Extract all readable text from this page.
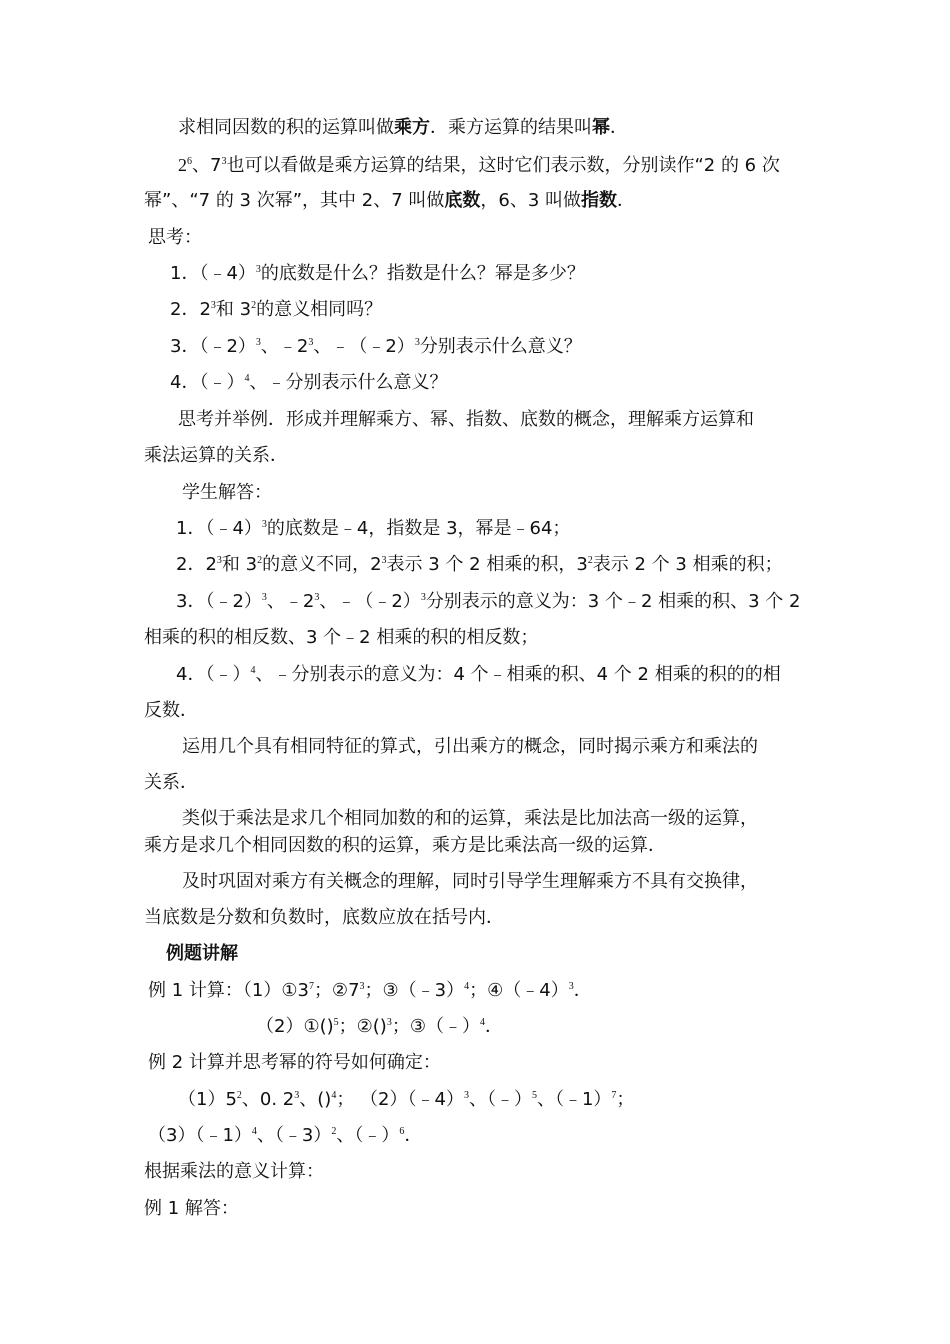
求相同因数的积的运算叫做乘方．乘方运算的结果叫幂．
$2^6$、$7^3$也可以看做是乘方运算的结果，这时它们表示数，分别读作“2 的 6 次
幂”、“7 的 3 次幂”，其中 2、7 叫做底数，6、3 叫做指数．
思考：
1．（﹣4）$^3$的底数是什么？指数是什么？幂是多少？
2．$2^3$和 $3^2$的意义相同吗？
3．（﹣2）$^3$、$﹣2^3$、﹣（﹣2）$^3$分别表示什么意义？
4．（﹣）$^4$、﹣分别表示什么意义？
思考并举例．形成并理解乘方、幂、指数、底数的概念，理解乘方运算和
乘法运算的关系．
学生解答：
1．（﹣4）$^3$的底数是﹣4，指数是 3，幂是﹣64；
2．$2^3$和 $3^2$的意义不同，$2^3$表示 3 个 2 相乘的积，$3^2$表示 2 个 3 相乘的积；
3．（﹣2）$^3$、$﹣2^3$、﹣（﹣2）$^3$分别表示的意义为：3 个﹣2 相乘的积、3 个 2
相乘的积的相反数、3 个﹣2 相乘的积的相反数；
4．（﹣）$^4$、﹣分别表示的意义为：4 个﹣相乘的积、4 个 2 相乘的积的的相
反数．
运用几个具有相同特征的算式，引出乘方的概念，同时揭示乘方和乘法的
关系．
类似于乘法是求几个相同加数的和的运算，乘法是比加法高一级的运算，
乘方是求几个相同因数的积的运算，乘方是比乘法高一级的运算．
及时巩固对乘方有关概念的理解，同时引导学生理解乘方不具有交换律，
当底数是分数和负数时，底数应放在括号内．
例题讲解
例 1 计算：$(1)①3^7$；$②7^3$；③（﹣3）$^4$；④（﹣4）$^3$．
（2）①()$^5$；②()$^3$；③（﹣）$^4$．
例 2 计算并思考幂的符号如何确定：
$(1)5^2$、0. $2^3$、()$^4$； （2）（﹣4）$^3$、（﹣）$^5$、（﹣1）$^7$；
（3）（﹣1）$^4$、（﹣3）$^2$、（﹣）$^6$．
根据乘法的意义计算：
例 1 解答：
